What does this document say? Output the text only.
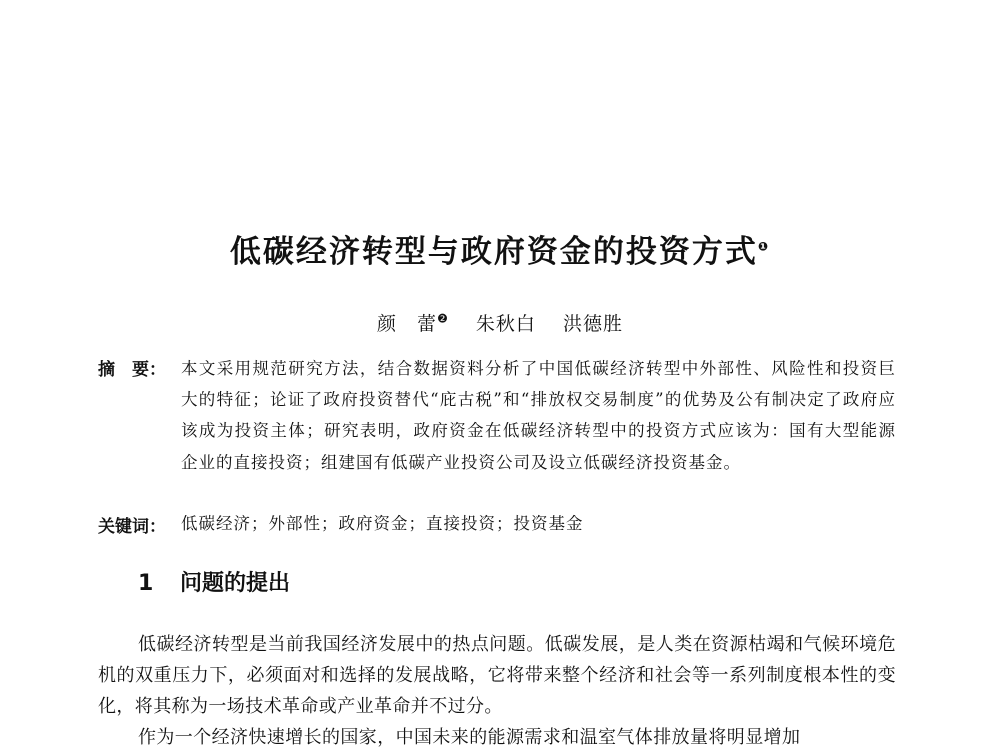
低碳经济转型与政府资金的投资方式$^❶$
颜　蕾$^❷$ 朱秋白 洪德胜
摘　要： 本文采用规范研究方法，结合数据资料分析了中国低碳经济转型中外部性、风险性和投资巨大的特征；论证了政府投资替代“庇古税”和“排放权交易制度”的优势及公有制决定了政府应该成为投资主体；研究表明，政府资金在低碳经济转型中的投资方式应该为：国有大型能源企业的直接投资；组建国有低碳产业投资公司及设立低碳经济投资基金。
关键词： 低碳经济；外部性；政府资金；直接投资；投资基金
1 问题的提出
低碳经济转型是当前我国经济发展中的热点问题。低碳发展，是人类在资源枯竭和气候环境危机的双重压力下，必须面对和选择的发展战略，它将带来整个经济和社会等一系列制度根本性的变化，将其称为一场技术革命或产业革命并不过分。
作为一个经济快速增长的国家，中国未来的能源需求和温室气体排放量将明显增加
